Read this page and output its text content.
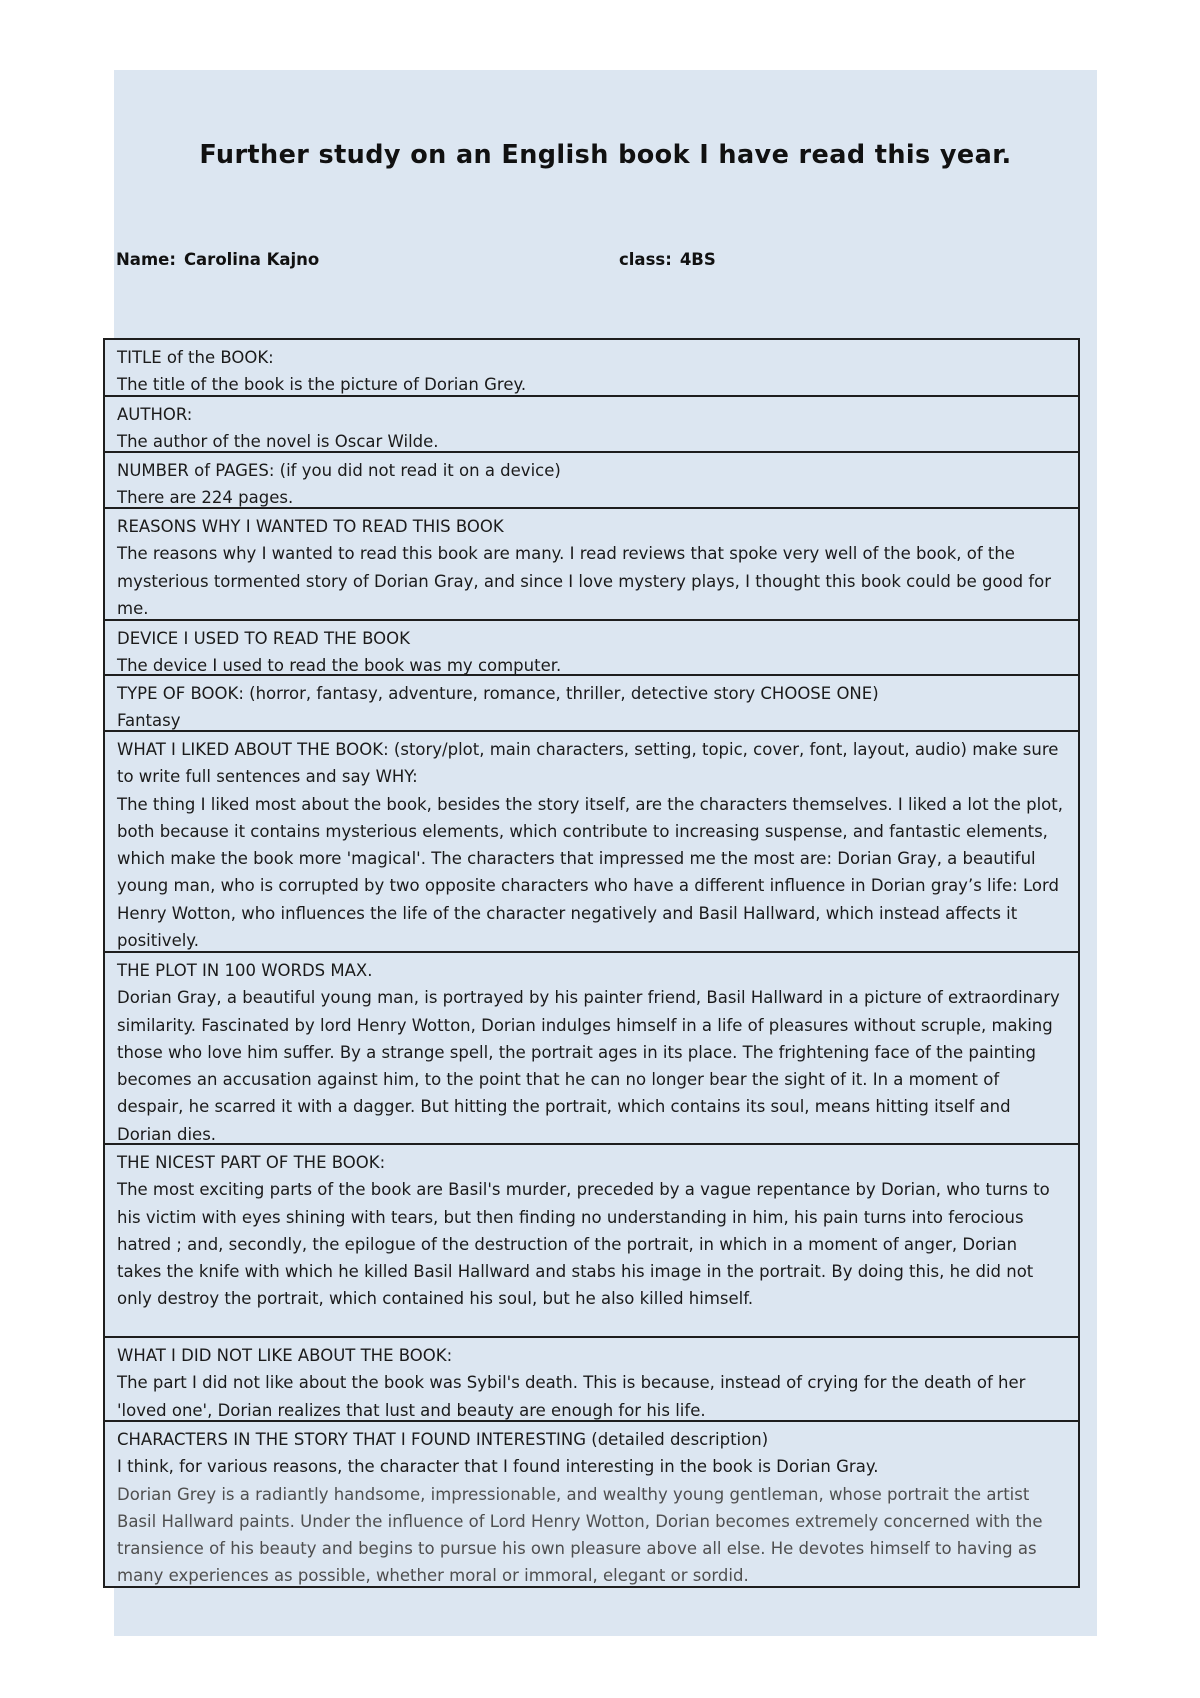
Further study on an English book I have read this year.
Name: Carolina Kajno	class: 4BS
TITLE of the BOOK:
The title of the book is the picture of Dorian Grey.
AUTHOR:
The author of the novel is Oscar Wilde.
NUMBER of PAGES: (if you did not read it on a device)
There are 224 pages.
REASONS WHY I WANTED TO READ THIS BOOK
The reasons why I wanted to read this book are many. I read reviews that spoke very well of the book, of the mysterious tormented story of Dorian Gray, and since I love mystery plays, I thought this book could be good for me.
DEVICE I USED TO READ THE BOOK
The device I used to read the book was my computer.
TYPE OF BOOK: (horror, fantasy, adventure, romance, thriller, detective story CHOOSE ONE)
Fantasy
WHAT I LIKED ABOUT THE BOOK: (story/plot, main characters, setting, topic, cover, font, layout, audio) make sure to write full sentences and say WHY:
The thing I liked most about the book, besides the story itself, are the characters themselves. I liked a lot the plot, both because it contains mysterious elements, which contribute to increasing suspense, and fantastic elements, which make the book more 'magical'. The characters that impressed me the most are: Dorian Gray, a beautiful young man, who is corrupted by two opposite characters who have a different influence in Dorian gray’s life: Lord Henry Wotton, who influences the life of the character negatively and Basil Hallward, which instead affects it positively.
THE PLOT IN 100 WORDS MAX.
Dorian Gray, a beautiful young man, is portrayed by his painter friend, Basil Hallward in a picture of extraordinary similarity. Fascinated by lord Henry Wotton, Dorian indulges himself in a life of pleasures without scruple, making those who love him suffer. By a strange spell, the portrait ages in its place. The frightening face of the painting becomes an accusation against him, to the point that he can no longer bear the sight of it. In a moment of despair, he scarred it with a dagger. But hitting the portrait, which contains its soul, means hitting itself and Dorian dies.
THE NICEST PART OF THE BOOK:
The most exciting parts of the book are Basil's murder, preceded by a vague repentance by Dorian, who turns to his victim with eyes shining with tears, but then finding no understanding in him, his pain turns into ferocious hatred ; and, secondly, the epilogue of the destruction of the portrait, in which in a moment of anger, Dorian takes the knife with which he killed Basil Hallward and stabs his image in the portrait. By doing this, he did not only destroy the portrait, which contained his soul, but he also killed himself.
WHAT I DID NOT LIKE ABOUT THE BOOK:
The part I did not like about the book was Sybil's death. This is because, instead of crying for the death of her 'loved one', Dorian realizes that lust and beauty are enough for his life.
CHARACTERS IN THE STORY THAT I FOUND INTERESTING (detailed description)
I think, for various reasons, the character that I found interesting in the book is Dorian Gray.
Dorian Grey is a radiantly handsome, impressionable, and wealthy young gentleman, whose portrait the artist Basil Hallward paints. Under the influence of Lord Henry Wotton, Dorian becomes extremely concerned with the transience of his beauty and begins to pursue his own pleasure above all else. He devotes himself to having as many experiences as possible, whether moral or immoral, elegant or sordid.
